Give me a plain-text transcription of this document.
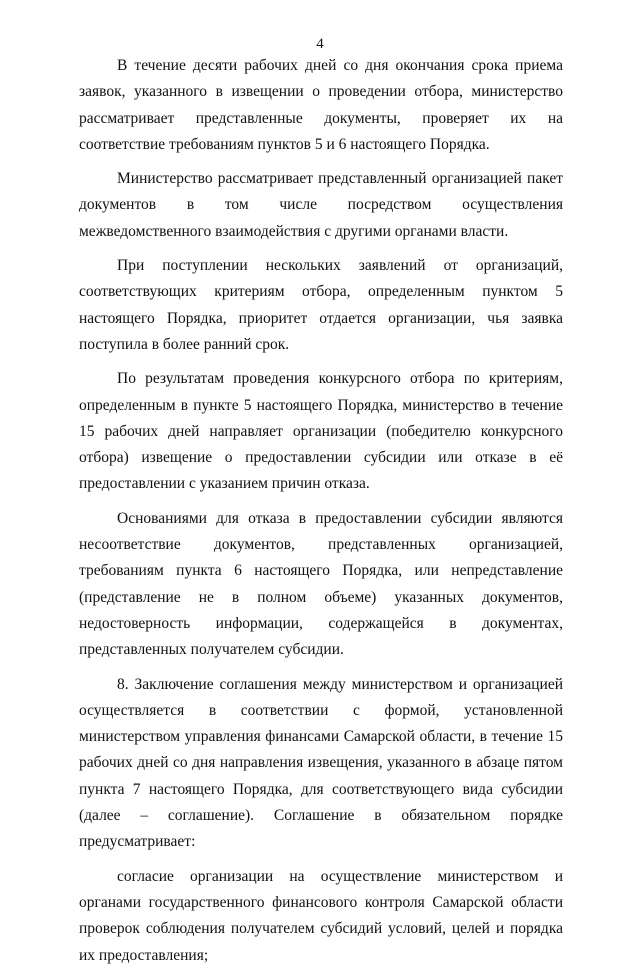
4

В течение десяти рабочих дней со дня окончания срока приема заявок, указанного в извещении о проведении отбора, министерство рассматривает представленные документы, проверяет их на соответствие требованиям пунктов 5 и 6 настоящего Порядка.

Министерство рассматривает представленный организацией пакет документов в том числе посредством осуществления межведомственного взаимодействия с другими органами власти.

При поступлении нескольких заявлений от организаций, соответствующих критериям отбора, определенным пунктом 5 настоящего Порядка, приоритет отдается организации, чья заявка поступила в более ранний срок.

По результатам проведения конкурсного отбора по критериям, определенным в пункте 5 настоящего Порядка, министерство в течение 15 рабочих дней направляет организации (победителю конкурсного отбора) извещение о предоставлении субсидии или отказе в её предоставлении с указанием причин отказа.

Основаниями для отказа в предоставлении субсидии являются несоответствие документов, представленных организацией, требованиям пункта 6 настоящего Порядка, или непредставление (представление не в полном объеме) указанных документов, недостоверность информации, содержащейся в документах, представленных получателем субсидии.

8. Заключение соглашения между министерством и организацией осуществляется в соответствии с формой, установленной министерством управления финансами Самарской области, в течение 15 рабочих дней со дня направления извещения, указанного в абзаце пятом пункта 7 настоящего Порядка, для соответствующего вида субсидии (далее – соглашение). Соглашение в обязательном порядке предусматривает:

согласие организации на осуществление министерством и органами государственного финансового контроля Самарской области проверок соблюдения получателем субсидий условий, целей и порядка их предоставления;
